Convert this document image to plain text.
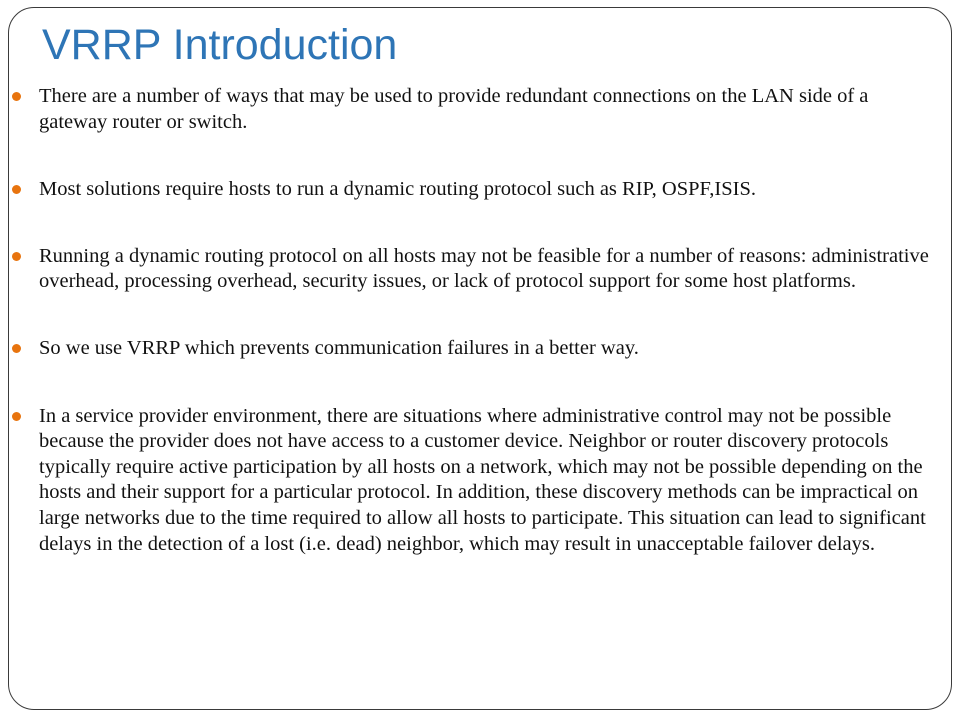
VRRP Introduction
There are a number of ways that may be used to provide redundant connections on the LAN side of a gateway router or switch.
Most solutions require hosts to run a dynamic routing protocol such as RIP, OSPF,ISIS.
Running a dynamic routing protocol on all hosts may not be feasible for a number of reasons: administrative overhead, processing overhead, security issues, or lack of protocol support for some host platforms.
So we use VRRP which prevents communication failures in a better way.
In a service provider environment, there are situations where administrative control may not be possible because the provider does not have access to a customer device. Neighbor or router discovery protocols typically require active participation by all hosts on a network, which may not be possible depending on the hosts and their support for a particular protocol. In addition, these discovery methods can be impractical on large networks due to the time required to allow all hosts to participate. This situation can lead to significant delays in the detection of a lost (i.e. dead) neighbor, which may result in unacceptable failover delays.
